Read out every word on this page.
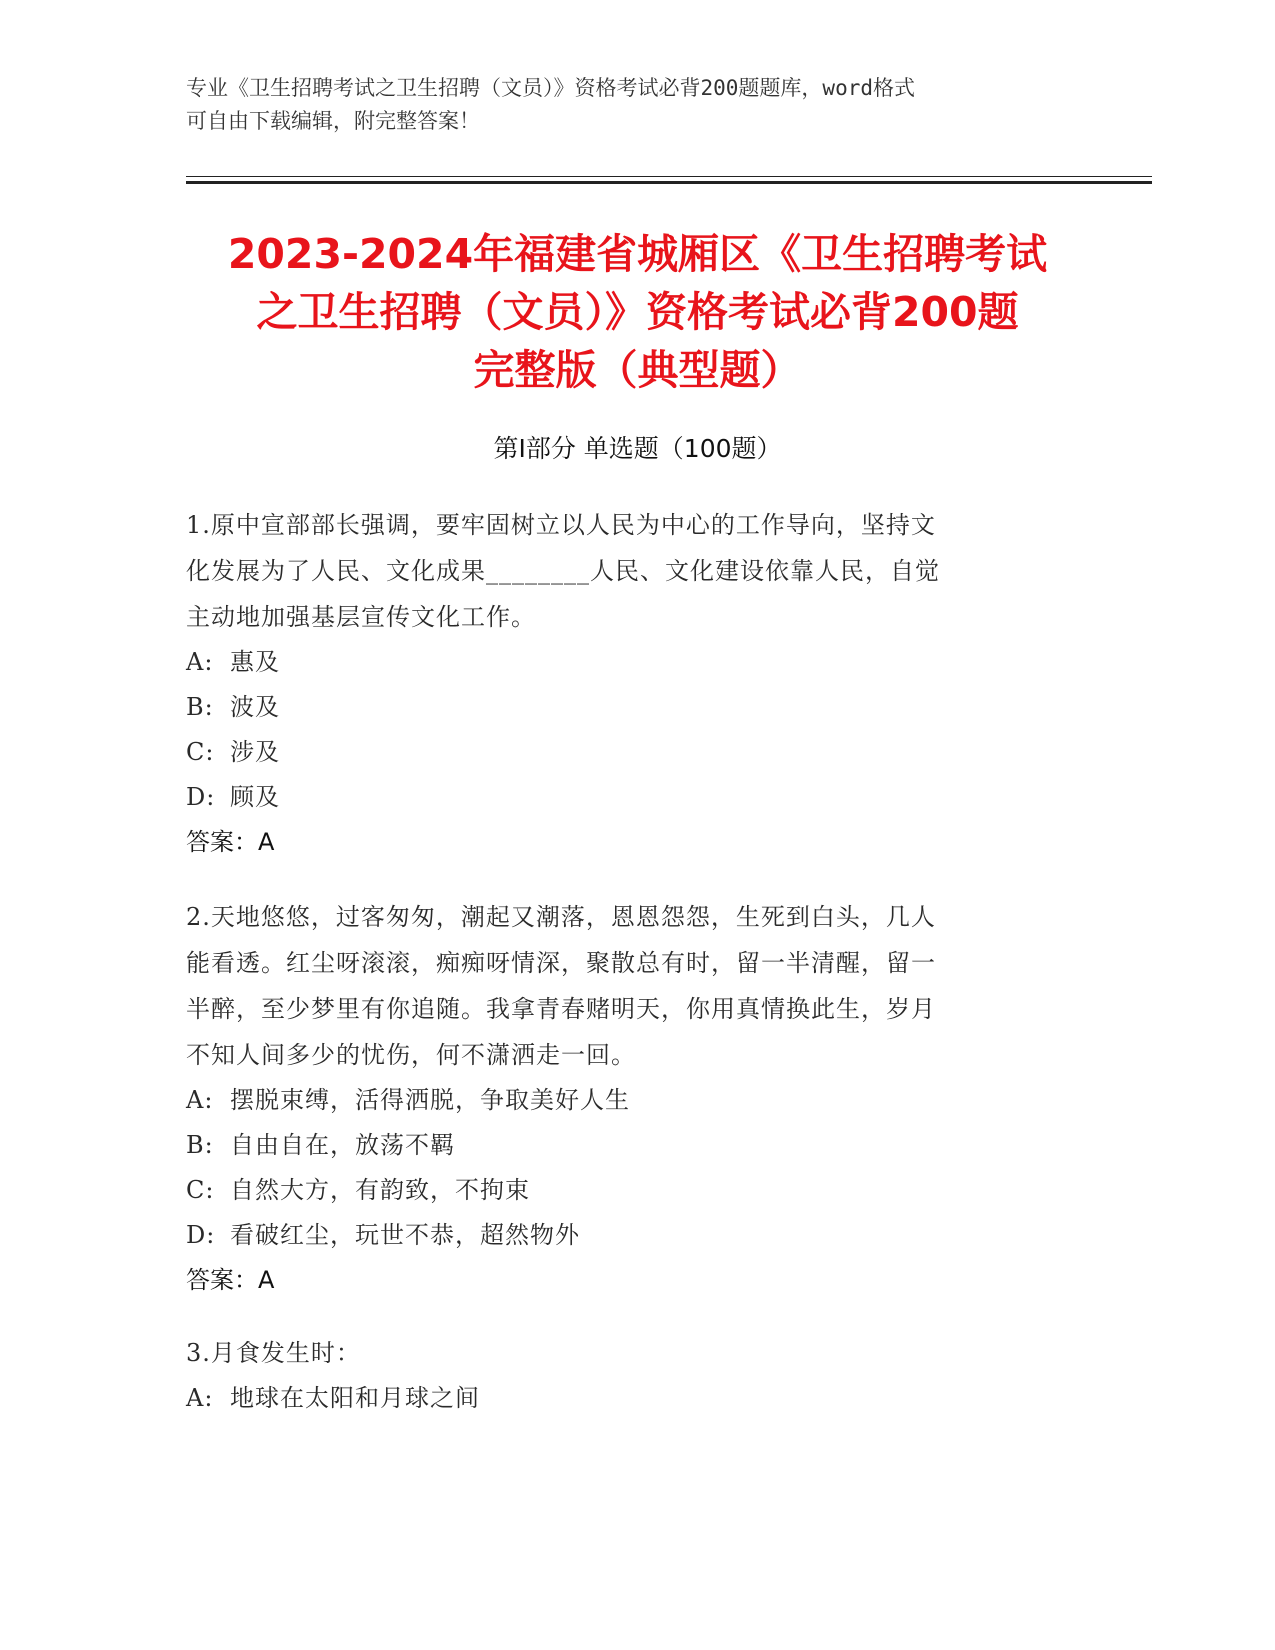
专业《卫生招聘考试之卫生招聘（文员）》资格考试必背200题题库，word格式
可自由下载编辑，附完整答案！
2023-2024年福建省城厢区《卫生招聘考试
之卫生招聘（文员）》资格考试必背200题
完整版（典型题）
第Ⅰ部分 单选题（100题）
1.原中宣部部长强调，要牢固树立以人民为中心的工作导向，坚持文
化发展为了人民、文化成果________人民、文化建设依靠人民，自觉
主动地加强基层宣传文化工作。
A: 惠及
B: 波及
C: 涉及
D: 顾及
答案：A
2.天地悠悠，过客匆匆，潮起又潮落，恩恩怨怨，生死到白头，几人
能看透。红尘呀滚滚，痴痴呀情深，聚散总有时，留一半清醒，留一
半醉，至少梦里有你追随。我拿青春赌明天，你用真情换此生，岁月
不知人间多少的忧伤，何不潇洒走一回。
A: 摆脱束缚，活得洒脱，争取美好人生
B: 自由自在，放荡不羁
C: 自然大方，有韵致，不拘束
D: 看破红尘，玩世不恭，超然物外
答案：A
3.月食发生时：
A: 地球在太阳和月球之间
